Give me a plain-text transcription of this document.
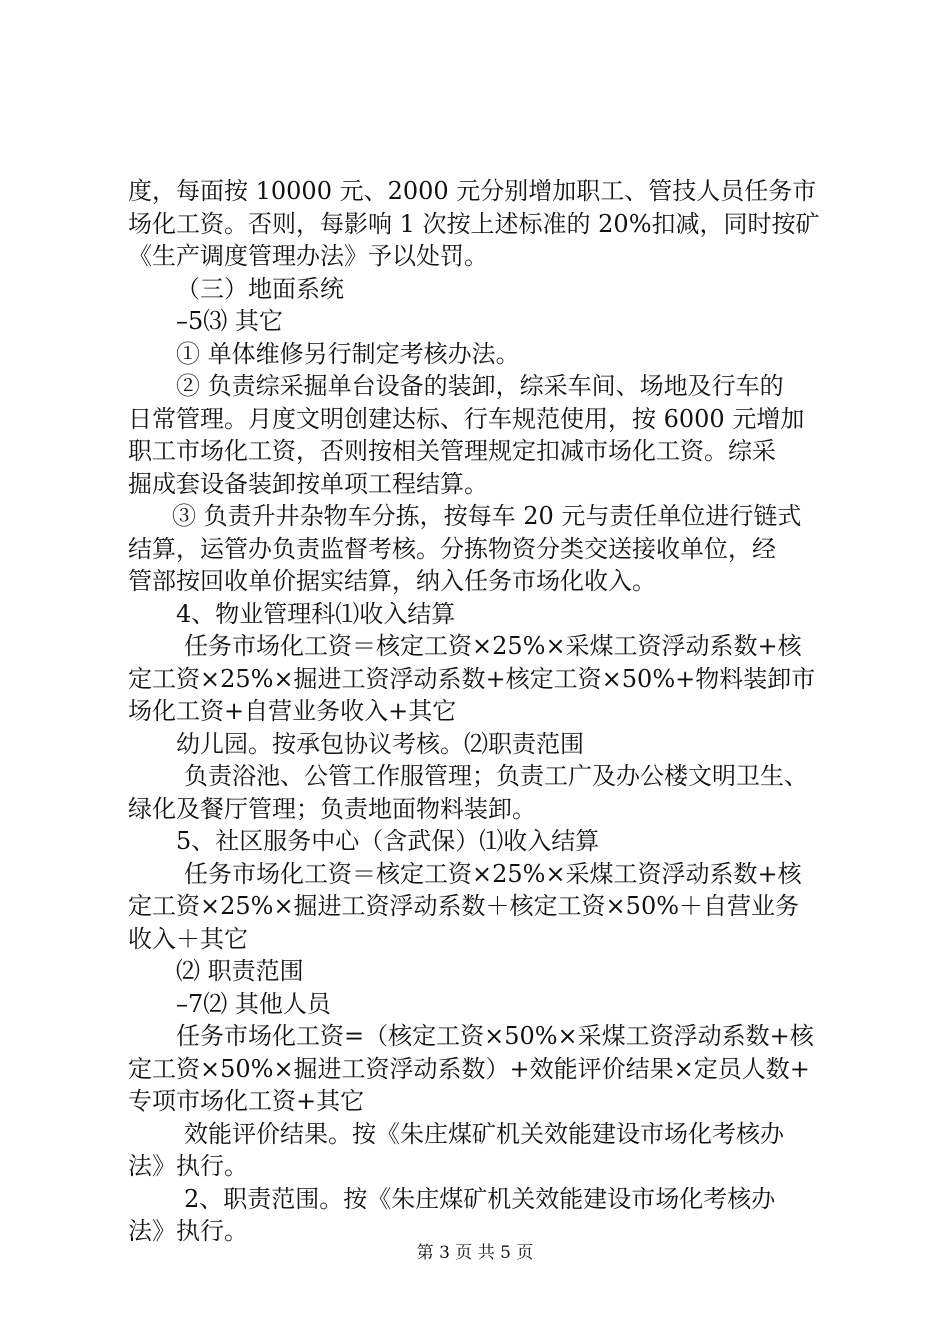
度，每面按 10000 元、2000 元分别增加职工、管技人员任务市
场化工资。否则，每影响 1 次按上述标准的 20%扣减，同时按矿
《生产调度管理办法》予以处罚。
（三）地面系统
–5⑶ 其它
① 单体维修另行制定考核办法。
② 负责综采掘单台设备的装卸，综采车间、场地及行车的
日常管理。月度文明创建达标、行车规范使用，按 6000 元增加
职工市场化工资，否则按相关管理规定扣减市场化工资。综采
掘成套设备装卸按单项工程结算。
③ 负责升井杂物车分拣，按每车 20 元与责任单位进行链式
结算，运管办负责监督考核。分拣物资分类交送接收单位，经
管部按回收单价据实结算，纳入任务市场化收入。
4、物业管理科⑴收入结算
任务市场化工资＝核定工资×25%×采煤工资浮动系数+核
定工资×25%×掘进工资浮动系数+核定工资×50%+物料装卸市
场化工资+自营业务收入+其它
幼儿园。按承包协议考核。⑵职责范围
负责浴池、公管工作服管理；负责工广及办公楼文明卫生、
绿化及餐厅管理；负责地面物料装卸。
5、社区服务中心（含武保）⑴收入结算
任务市场化工资＝核定工资×25%×采煤工资浮动系数+核
定工资×25%×掘进工资浮动系数＋核定工资×50%＋自营业务
收入＋其它
⑵ 职责范围
–7⑵ 其他人员
任务市场化工资=（核定工资×50%×采煤工资浮动系数+核
定工资×50%×掘进工资浮动系数）+效能评价结果×定员人数+
专项市场化工资+其它
效能评价结果。按《朱庄煤矿机关效能建设市场化考核办
法》执行。
2、职责范围。按《朱庄煤矿机关效能建设市场化考核办
法》执行。
第 3 页 共 5 页
